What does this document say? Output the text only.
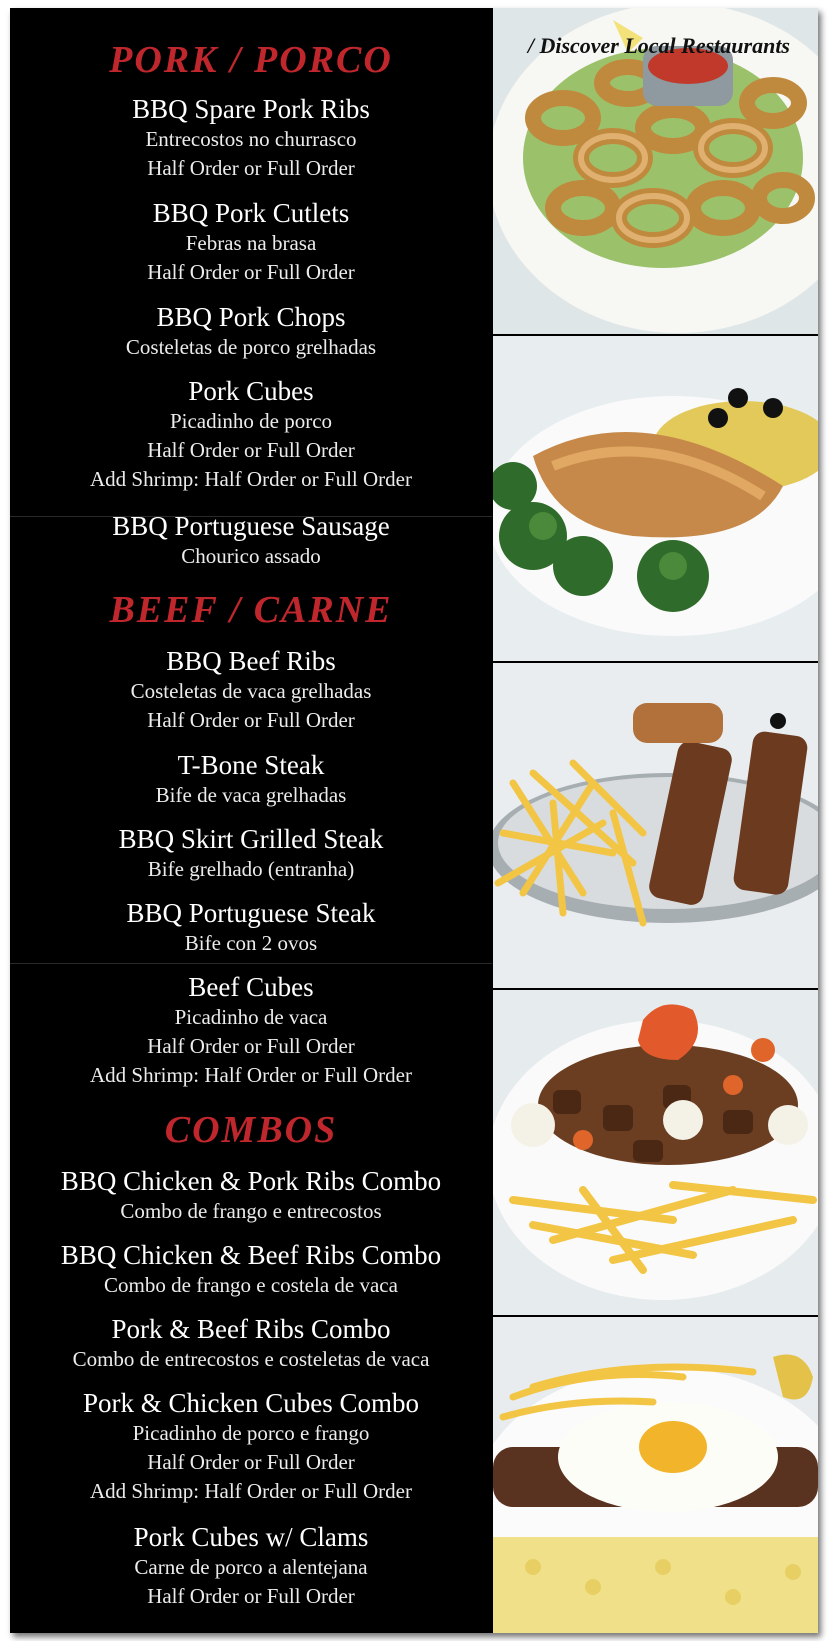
PORK / PORCO
BBQ Spare Pork Ribs
Entrecostos no churrasco
Half Order or Full Order
BBQ Pork Cutlets
Febras na brasa
Half Order or Full Order
BBQ Pork Chops
Costeletas de porco grelhadas
Pork Cubes
Picadinho de porco
Half Order or Full Order
Add Shrimp: Half Order or Full Order
BBQ Portuguese Sausage
Chourico assado
BEEF / CARNE
BBQ Beef Ribs
Costeletas de vaca grelhadas
Half Order or Full Order
T-Bone Steak
Bife de vaca grelhadas
BBQ Skirt Grilled Steak
Bife grelhado (entranha)
BBQ Portuguese Steak
Bife con 2 ovos
Beef Cubes
Picadinho de vaca
Half Order or Full Order
Add Shrimp: Half Order or Full Order
COMBOS
BBQ Chicken & Pork Ribs Combo
Combo de frango e entrecostos
BBQ Chicken & Beef Ribs Combo
Combo de frango e costela de vaca
Pork & Beef Ribs Combo
Combo de entrecostos e costeletas de vaca
Pork & Chicken Cubes Combo
Picadinho de porco e frango
Half Order or Full Order
Add Shrimp: Half Order or Full Order
Pork Cubes w/ Clams
Carne de porco a alentejana
Half Order or Full Order
/ Discover Local Restaurants
